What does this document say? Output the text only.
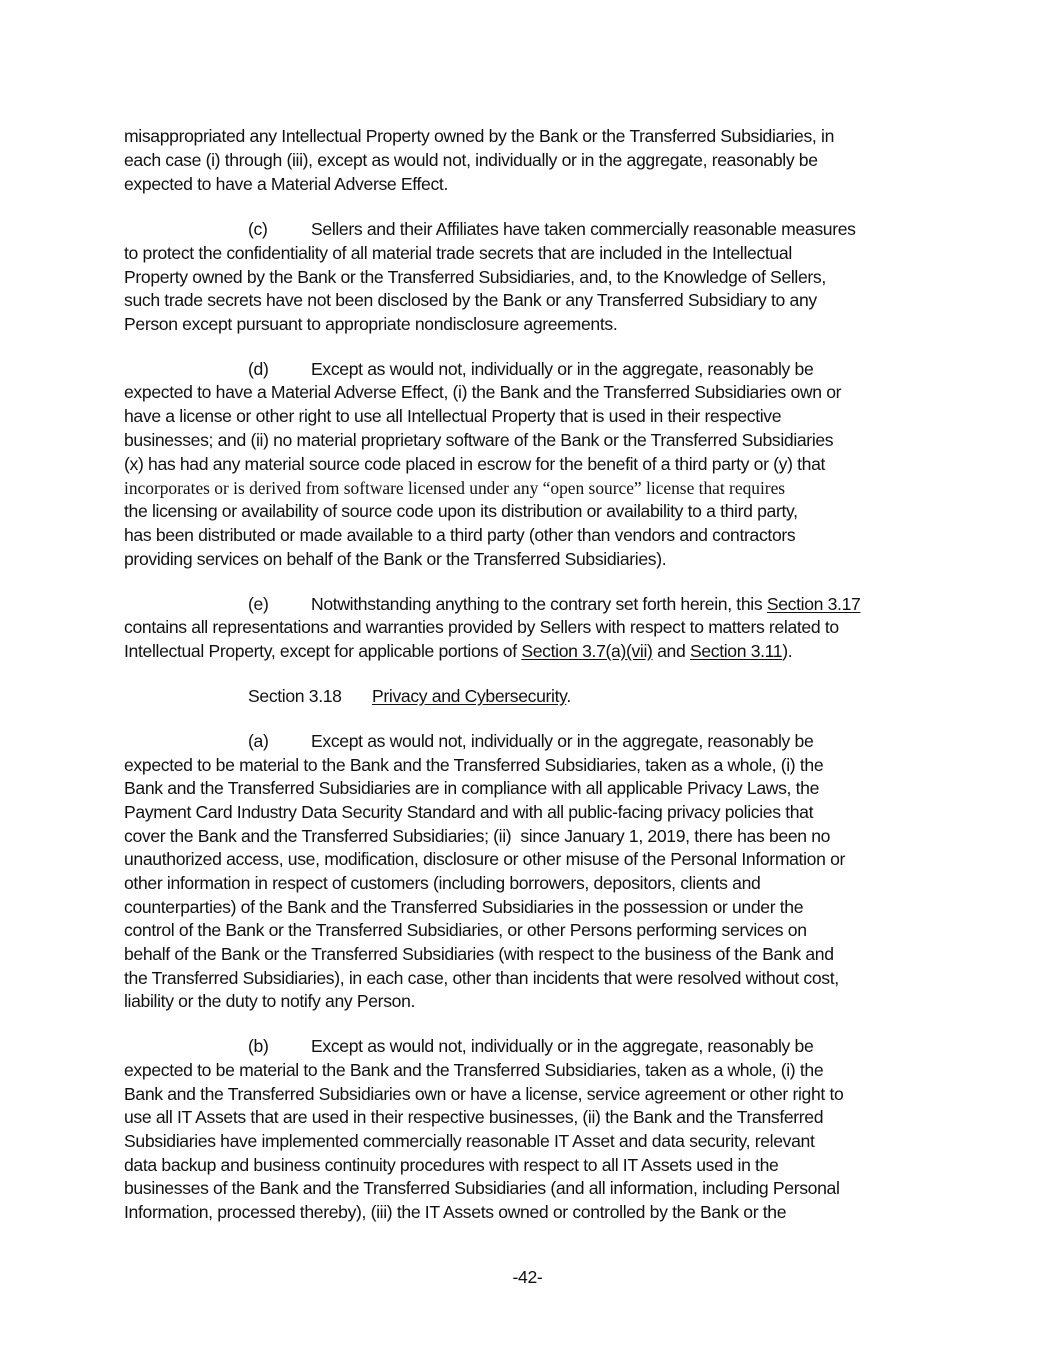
misappropriated any Intellectual Property owned by the Bank or the Transferred Subsidiaries, in
each case (i) through (iii), except as would not, individually or in the aggregate, reasonably be
expected to have a Material Adverse Effect.
(c) Sellers and their Affiliates have taken commercially reasonable measures
to protect the confidentiality of all material trade secrets that are included in the Intellectual
Property owned by the Bank or the Transferred Subsidiaries, and, to the Knowledge of Sellers,
such trade secrets have not been disclosed by the Bank or any Transferred Subsidiary to any
Person except pursuant to appropriate nondisclosure agreements.
(d) Except as would not, individually or in the aggregate, reasonably be
expected to have a Material Adverse Effect, (i) the Bank and the Transferred Subsidiaries own or
have a license or other right to use all Intellectual Property that is used in their respective
businesses; and (ii) no material proprietary software of the Bank or the Transferred Subsidiaries
(x) has had any material source code placed in escrow for the benefit of a third party or (y) that
incorporates or is derived from software licensed under any “open source” license that requires
the licensing or availability of source code upon its distribution or availability to a third party,
has been distributed or made available to a third party (other than vendors and contractors
providing services on behalf of the Bank or the Transferred Subsidiaries).
(e) Notwithstanding anything to the contrary set forth herein, this Section 3.17
contains all representations and warranties provided by Sellers with respect to matters related to
Intellectual Property, except for applicable portions of Section 3.7(a)(vii) and Section 3.11).
Section 3.18 Privacy and Cybersecurity.
(a) Except as would not, individually or in the aggregate, reasonably be
expected to be material to the Bank and the Transferred Subsidiaries, taken as a whole, (i) the
Bank and the Transferred Subsidiaries are in compliance with all applicable Privacy Laws, the
Payment Card Industry Data Security Standard and with all public-facing privacy policies that
cover the Bank and the Transferred Subsidiaries; (ii)  since January 1, 2019, there has been no
unauthorized access, use, modification, disclosure or other misuse of the Personal Information or
other information in respect of customers (including borrowers, depositors, clients and
counterparties) of the Bank and the Transferred Subsidiaries in the possession or under the
control of the Bank or the Transferred Subsidiaries, or other Persons performing services on
behalf of the Bank or the Transferred Subsidiaries (with respect to the business of the Bank and
the Transferred Subsidiaries), in each case, other than incidents that were resolved without cost,
liability or the duty to notify any Person.
(b) Except as would not, individually or in the aggregate, reasonably be
expected to be material to the Bank and the Transferred Subsidiaries, taken as a whole, (i) the
Bank and the Transferred Subsidiaries own or have a license, service agreement or other right to
use all IT Assets that are used in their respective businesses, (ii) the Bank and the Transferred
Subsidiaries have implemented commercially reasonable IT Asset and data security, relevant
data backup and business continuity procedures with respect to all IT Assets used in the
businesses of the Bank and the Transferred Subsidiaries (and all information, including Personal
Information, processed thereby), (iii) the IT Assets owned or controlled by the Bank or the
-42-
